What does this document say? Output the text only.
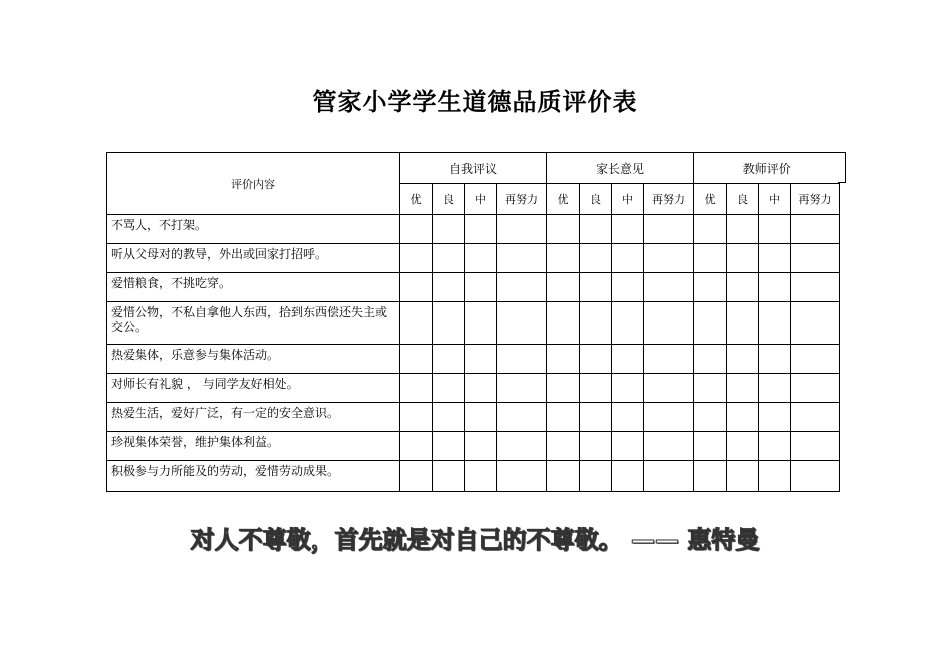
管家小学学生道德品质评价表
评价内容	自我评议				家长意见				教师评价			
	优	良	中	再努力	优	良	中	再努力	优	良	中	再努力
不骂人，不打架。												
听从父母对的教导，外出或回家打招呼。												
爱惜粮食，不挑吃穿。												
爱惜公物，不私自拿他人东西，拾到东西偿还失主或交公。												
热爱集体，乐意参与集体活动。												
对师长有礼貌 ， 与同学友好相处。												
热爱生活，爱好广泛，有一定的安全意识。												
珍视集体荣誉，维护集体利益。												
积极参与力所能及的劳动，爱惜劳动成果。												
对人不尊敬，首先就是对自己的不尊敬。 —— 惠特曼
